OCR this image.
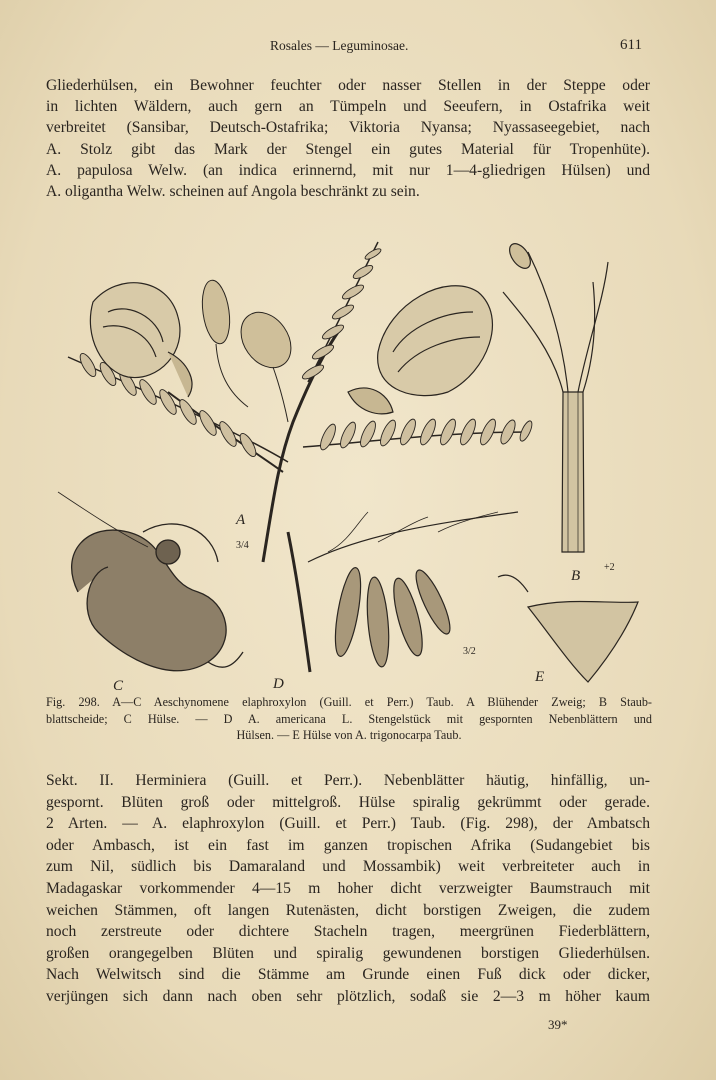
Rosales — Leguminosae.	611
Gliederhülsen, ein Bewohner feuchter oder nasser Stellen in der Steppe oder
in lichten Wäldern, auch gern an Tümpeln und Seeufern, in Ostafrika weit
verbreitet (Sansibar, Deutsch-Ostafrika; Viktoria Nyansa; Nyassaseegebiet, nach
A. Stolz gibt das Mark der Stengel ein gutes Material für Tropenhüte).
A. papulosa Welw. (an indica erinnernd, mit nur 1—4-gliedrigen Hülsen) und
A. oligantha Welw. scheinen auf Angola beschränkt zu sein.
A
B
C	D	E
3/4
+2
3/2
Fig. 298. A—C Aeschynomene elaphroxylon (Guill. et Perr.) Taub. A Blühender Zweig; B Staub-
blattscheide; C Hülse. — D A. americana L. Stengelstück mit gespornten Nebenblättern und
Hülsen. — E Hülse von A. trigonocarpa Taub.
Sekt. II. Herminiera (Guill. et Perr.). Nebenblätter häutig, hinfällig, un-
gespornt. Blüten groß oder mittelgroß. Hülse spiralig gekrümmt oder gerade.
2 Arten. — A. elaphroxylon (Guill. et Perr.) Taub. (Fig. 298), der Ambatsch
oder Ambasch, ist ein fast im ganzen tropischen Afrika (Sudangebiet bis
zum Nil, südlich bis Damaraland und Mossambik) weit verbreiteter auch in
Madagaskar vorkommender 4—15 m hoher dicht verzweigter Baumstrauch mit
weichen Stämmen, oft langen Rutenästen, dicht borstigen Zweigen, die zudem
noch zerstreute oder dichtere Stacheln tragen, meergrünen Fiederblättern,
großen orangegelben Blüten und spiralig gewundenen borstigen Gliederhülsen.
Nach Welwitsch sind die Stämme am Grunde einen Fuß dick oder dicker,
verjüngen sich dann nach oben sehr plötzlich, sodaß sie 2—3 m höher kaum
39*
